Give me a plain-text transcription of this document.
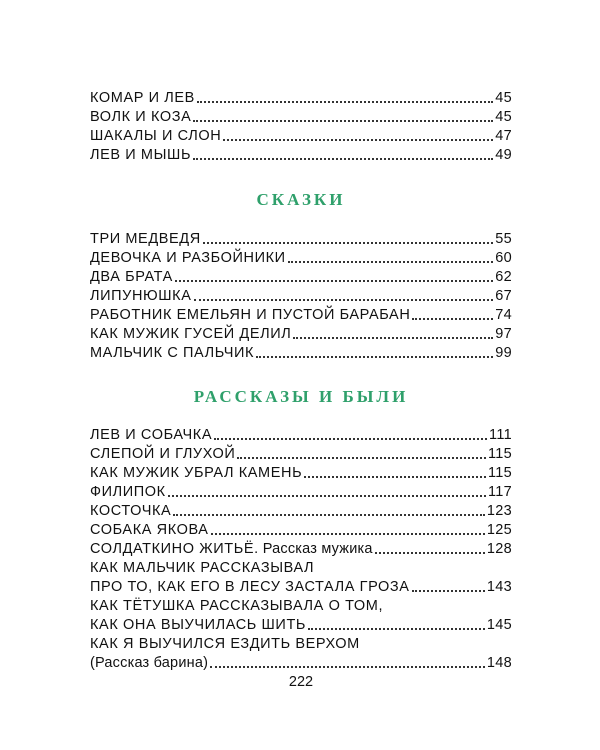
КОМАР И ЛЕВ	45
ВОЛК И КОЗА	45
ШАКАЛЫ И СЛОН	47
ЛЕВ И МЫШЬ	49
СКАЗКИ
ТРИ МЕДВЕДЯ	55
ДЕВОЧКА И РАЗБОЙНИКИ	60
ДВА БРАТА	62
ЛИПУНЮШКА	67
РАБОТНИК ЕМЕЛЬЯН И ПУСТОЙ БАРАБАН	74
КАК МУЖИК ГУСЕЙ ДЕЛИЛ	97
МАЛЬЧИК С ПАЛЬЧИК	99
РАССКАЗЫ И БЫЛИ
ЛЕВ И СОБАЧКА	111
СЛЕПОЙ И ГЛУХОЙ	115
КАК МУЖИК УБРАЛ КАМЕНЬ	115
ФИЛИПОК	117
КОСТОЧКА	123
СОБАКА ЯКОВА	125
СОЛДАТКИНО ЖИТЬЁ. Рассказ мужика	128
КАК МАЛЬЧИК РАССКАЗЫВАЛ
ПРО ТО, КАК ЕГО В ЛЕСУ ЗАСТАЛА ГРОЗА	143
КАК ТЁТУШКА РАССКАЗЫВАЛА О ТОМ,
КАК ОНА ВЫУЧИЛАСЬ ШИТЬ	145
КАК Я ВЫУЧИЛСЯ ЕЗДИТЬ ВЕРХОМ
(Рассказ барина)	148
222
